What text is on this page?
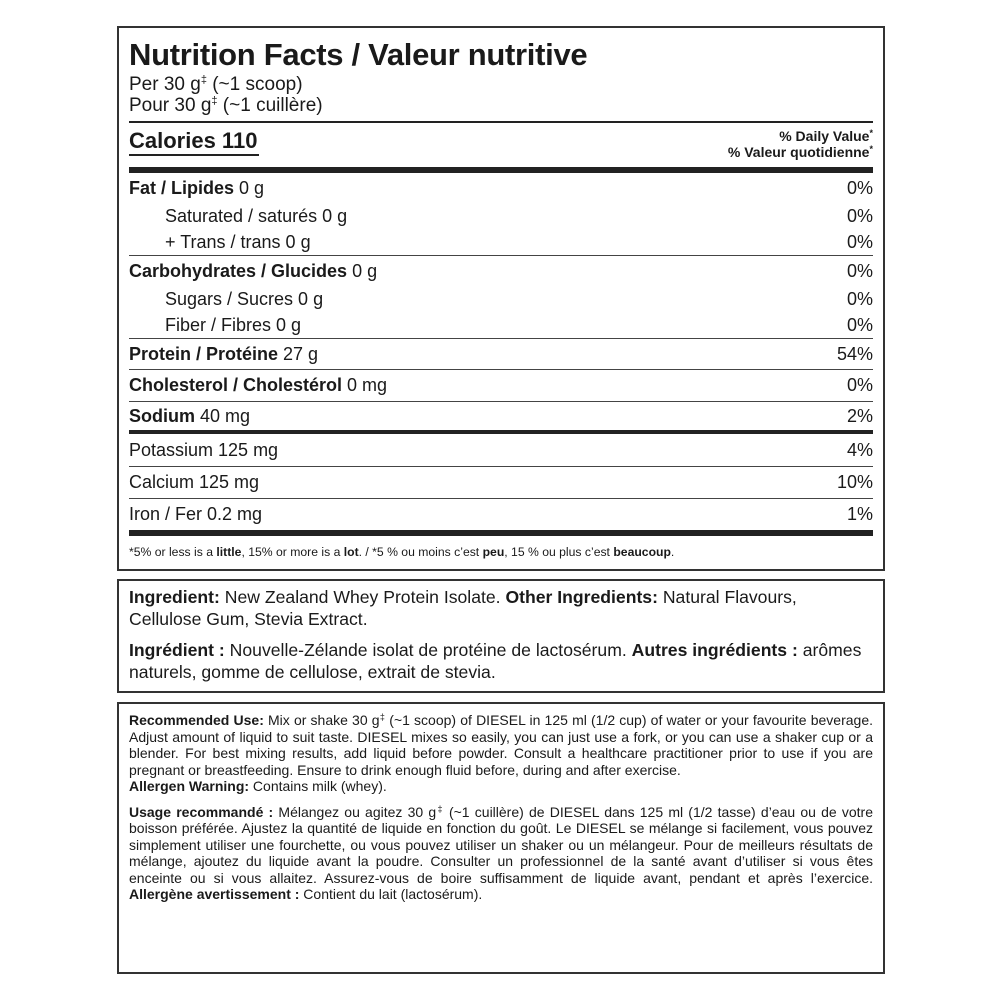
Nutrition Facts / Valeur nutritive
Per 30 g‡ (~1 scoop)
Pour 30 g‡ (~1 cuillère)
Calories 110	% Daily Value*
% Valeur quotidienne*
Fat / Lipides 0 g	0%
Saturated / saturés 0 g	0%
+ Trans / trans 0 g	0%
Carbohydrates / Glucides 0 g	0%
Sugars / Sucres 0 g	0%
Fiber / Fibres 0 g	0%
Protein / Protéine 27 g	54%
Cholesterol / Cholestérol 0 mg	0%
Sodium 40 mg	2%
Potassium 125 mg	4%
Calcium 125 mg	10%
Iron / Fer 0.2 mg	1%
*5% or less is a little, 15% or more is a lot. / *5 % ou moins c’est peu, 15 % ou plus c’est beaucoup.

Ingredient: New Zealand Whey Protein Isolate. Other Ingredients: Natural Flavours, Cellulose Gum, Stevia Extract.

Ingrédient : Nouvelle-Zélande isolat de protéine de lactosérum. Autres ingrédients : arômes naturels, gomme de cellulose, extrait de stevia.

Recommended Use: Mix or shake 30 g‡ (~1 scoop) of DIESEL in 125 ml (1/2 cup) of water or your favourite beverage. Adjust amount of liquid to suit taste. DIESEL mixes so easily, you can just use a fork, or you can use a shaker cup or a blender. For best mixing results, add liquid before powder. Consult a healthcare practitioner prior to use if you are pregnant or breastfeeding. Ensure to drink enough fluid before, during and after exercise.
Allergen Warning: Contains milk (whey).

Usage recommandé : Mélangez ou agitez 30 g‡ (~1 cuillère) de DIESEL dans 125 ml (1/2 tasse) d’eau ou de votre boisson préférée. Ajustez la quantité de liquide en fonction du goût. Le DIESEL se mélange si facilement, vous pouvez simplement utiliser une fourchette, ou vous pouvez utiliser un shaker ou un mélangeur. Pour de meilleurs résultats de mélange, ajoutez du liquide avant la poudre. Consulter un professionnel de la santé avant d’utiliser si vous êtes enceinte ou si vous allaitez. Assurez-vous de boire suffisamment de liquide avant, pendant et après l’exercice. Allergène avertissement : Contient du lait (lactosérum).
